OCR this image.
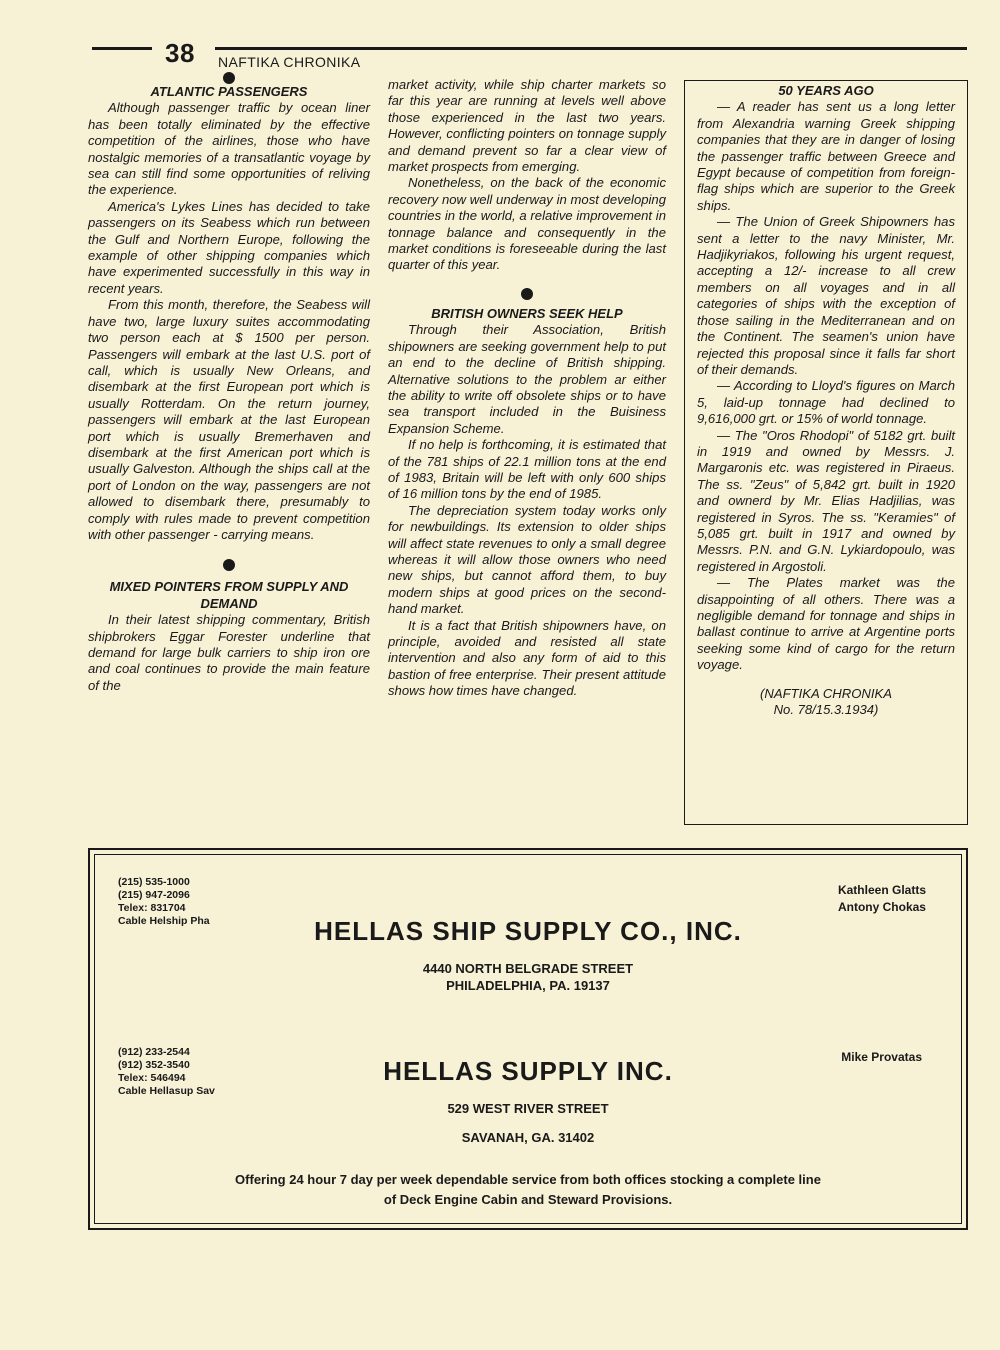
38 NAFTIKA CHRONIKA

ATLANTIC PASSENGERS

Although passenger traffic by ocean liner has been totally eliminated by the effective competition of the airlines, those who have nostalgic memories of a transatlantic voyage by sea can still find some opportunities of reliving the experience.

America's Lykes Lines has decided to take passengers on its Seabess which run between the Gulf and Northern Europe, following the example of other shipping companies which have experimented successfully in this way in recent years.

From this month, therefore, the Seabess will have two, large luxury suites accommodating two person each at $ 1500 per person. Passengers will embark at the last U.S. port of call, which is usually New Orleans, and disembark at the first European port which is usually Rotterdam. On the return journey, passengers will embark at the last European port which is usually Bremerhaven and disembark at the first American port which is usually Galveston. Although the ships call at the port of London on the way, passengers are not allowed to disembark there, presumably to comply with rules made to prevent competition with other passenger - carrying means.

MIXED POINTERS FROM SUPPLY AND DEMAND

In their latest shipping commentary, British shipbrokers Eggar Forester underline that demand for large bulk carriers to ship iron ore and coal continues to provide the main feature of the

market activity, while ship charter markets so far this year are running at levels well above those experienced in the last two years. However, conflicting pointers on tonnage supply and demand prevent so far a clear view of market prospects from emerging.

Nonetheless, on the back of the economic recovery now well underway in most developing countries in the world, a relative improvement in tonnage balance and consequently in the market conditions is foreseeable during the last quarter of this year.

BRITISH OWNERS SEEK HELP

Through their Association, British shipowners are seeking government help to put an end to the decline of British shipping. Alternative solutions to the problem ar either the ability to write off obsolete ships or to have sea transport included in the Buisiness Expansion Scheme.

If no help is forthcoming, it is estimated that of the 781 ships of 22.1 million tons at the end of 1983, Britain will be left with only 600 ships of 16 million tons by the end of 1985.

The depreciation system today works only for newbuildings. Its extension to older ships will affect state revenues to only a small degree whereas it will allow those owners who need new ships, but cannot afford them, to buy modern ships at good prices on the second-hand market.

It is a fact that British shipowners have, on principle, avoided and resisted all state intervention and also any form of aid to this bastion of free enterprise. Their present attitude shows how times have changed.

50 YEARS AGO

— A reader has sent us a long letter from Alexandria warning Greek shipping companies that they are in danger of losing the passenger traffic between Greece and Egypt because of competition from foreign-flag ships which are superior to the Greek ships.

— The Union of Greek Shipowners has sent a letter to the navy Minister, Mr. Hadjikyriakos, following his urgent request, accepting a 12/- increase to all crew members on all voyages and in all categories of ships with the exception of those sailing in the Mediterranean and on the Continent. The seamen's union have rejected this proposal since it falls far short of their demands.

— According to Lloyd's figures on March 5, laid-up tonnage had declined to 9,616,000 grt. or 15% of world tonnage.

— The "Oros Rhodopi" of 5182 grt. built in 1919 and owned by Messrs. J. Margaronis etc. was registered in Piraeus. The ss. "Zeus" of 5,842 grt. built in 1920 and ownerd by Mr. Elias Hadjilias, was registered in Syros. The ss. "Keramies" of 5,085 grt. built in 1917 and owned by Messrs. P.N. and G.N. Lykiardopoulo, was registered in Argostoli.

— The Plates market was the disappointing of all others. There was a negligible demand for tonnage and ships in ballast continue to arrive at Argentine ports seeking some kind of cargo for the return voyage.

(NAFTIKA CHRONIKA

No. 78/15.3.1934)

(215) 535-1000
(215) 947-2096
Telex: 831704
Cable Helship Pha
Kathleen Glatts
Antony Chokas
HELLAS SHIP SUPPLY CO., INC.
4440 NORTH BELGRADE STREET
PHILADELPHIA, PA. 19137
(912) 233-2544
(912) 352-3540
Telex: 546494
Cable Hellasup Sav
Mike Provatas
HELLAS SUPPLY INC.
529 WEST RIVER STREET
SAVANAH, GA. 31402
Offering 24 hour 7 day per week dependable service from both offices stocking a complete line
of Deck Engine Cabin and Steward Provisions.
